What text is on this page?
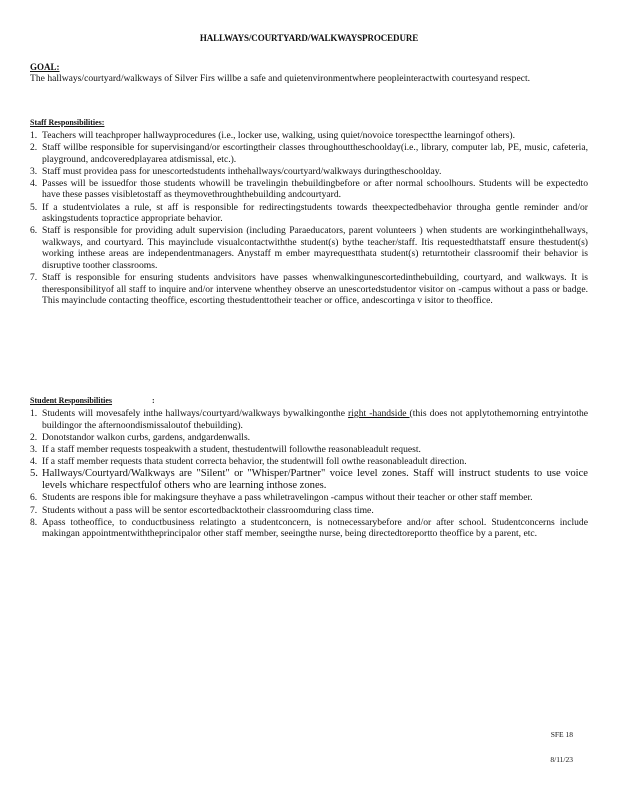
HALLWAYS/COURTYARD/WALKWAYSPROCEDURE
GOAL:
The hallways/courtyard/walkways of Silver Firs willbe a safe and quietenvironmentwhere peopleinteractwith courtesyand respect.
Staff Responsibilities:
1. Teachers will teachproper hallwayprocedures (i.e., locker use, walking, using quiet/novoice torespectthe learningof others).
2. Staff willbe responsible for supervisingand/or escortingtheir classes throughouttheschoolday(i.e., library, computer lab, PE, music, cafeteria, playground, andcoveredplayarea atdismissal, etc.).
3. Staff must providea pass for unescortedstudents inthehallways/courtyard/walkways duringtheschoolday.
4. Passes will be issuedfor those students whowill be travelingin thebuildingbefore or after normal schoolhours. Students will be expectedto have these passes visibletostaff as theymovethroughthebuilding andcourtyard.
5. If a studentviolates a rule, st aff is responsible for redirectingstudents towards theexpectedbehavior througha gentle reminder and/or askingstudents topractice appropriate behavior.
6. Staff is responsible for providing adult supervision (including Paraeducators, parent volunteers ) when students are workinginthehallways, walkways, and courtyard. This mayinclude visualcontactwiththe student(s) bythe teacher/staff. Itis requestedthatstaff ensure thestudent(s) working inthese areas are independentmanagers. Anystaff m ember mayrequestthata student(s) returntotheir classroomif their behavior is disruptive toother classrooms.
7. Staff is responsible for ensuring students andvisitors have passes whenwalkingunescortedinthebuilding, courtyard, and walkways. It is theresponsibilityof all staff to inquire and/or intervene whenthey observe an unescortedstudentor visitor on -campus without a pass or badge. This mayinclude contacting theoffice, escorting thestudenttotheir teacher or office, andescortinga v isitor to theoffice.
Student Responsibilities	:
1. Students will movesafely inthe hallways/courtyard/walkways bywalkingonthe right -handside (this does not applytothemorning entryintothe buildingor the afternoondismissaloutof thebuilding).
2. Donotstandor walkon curbs, gardens, andgardenwalls.
3. If a staff member requests tospeakwith a student, thestudentwill followthe reasonableadult request.
4. If a staff member requests thata student correcta behavior, the studentwill foll owthe reasonableadult direction.
5. Hallways/Courtyard/Walkways are "Silent" or "Whisper/Partner" voice level zones. Staff will instruct students to use voice levels whichare respectfulof others who are learning inthose zones.
6. Students are respons ible for makingsure theyhave a pass whiletravelingon -campus without their teacher or other staff member.
7. Students without a pass will be sentor escortedbacktotheir classroomduring class time.
8. Apass totheoffice, to conductbusiness relatingto a studentconcern, is notnecessarybefore and/or after school. Studentconcerns include makingan appointmentwiththeprincipalor other staff member, seeingthe nurse, being directedtoreportto theoffice by a parent, etc.
SFE 18
8/11/23
